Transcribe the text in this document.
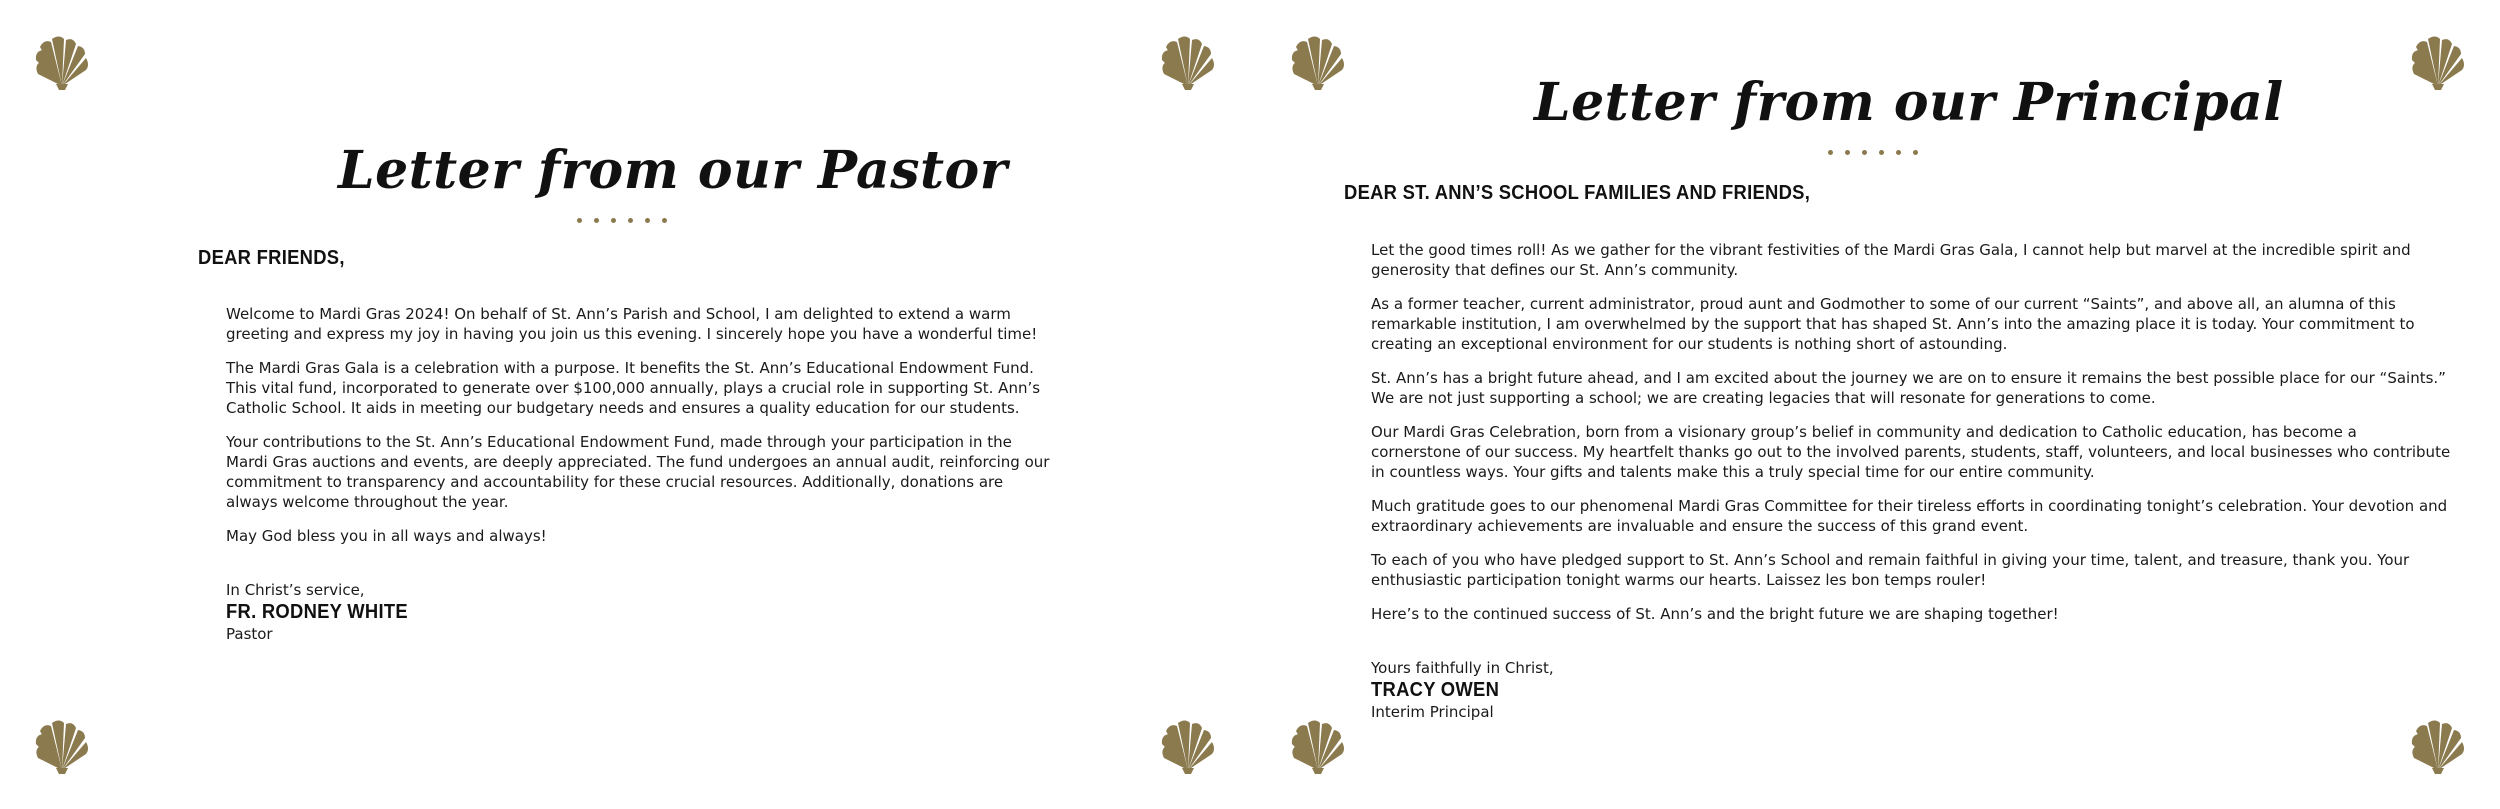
Letter from our Pastor
DEAR FRIENDS,

Welcome to Mardi Gras 2024! On behalf of St. Ann’s Parish and School, I am delighted to extend a warm greeting and express my joy in having you join us this evening. I sincerely hope you have a wonderful time!

The Mardi Gras Gala is a celebration with a purpose. It benefits the St. Ann’s Educational Endowment Fund. This vital fund, incorporated to generate over $100,000 annually, plays a crucial role in supporting St. Ann’s Catholic School. It aids in meeting our budgetary needs and ensures a quality education for our students.

Your contributions to the St. Ann’s Educational Endowment Fund, made through your participation in the Mardi Gras auctions and events, are deeply appreciated. The fund undergoes an annual audit, reinforcing our commitment to transparency and accountability for these crucial resources. Additionally, donations are always welcome throughout the year.

May God bless you in all ways and always!

In Christ’s service,
FR. RODNEY WHITE
Pastor
Letter from our Principal
DEAR ST. ANN’S SCHOOL FAMILIES AND FRIENDS,

Let the good times roll! As we gather for the vibrant festivities of the Mardi Gras Gala, I cannot help but marvel at the incredible spirit and generosity that defines our St. Ann’s community.

As a former teacher, current administrator, proud aunt and Godmother to some of our current “Saints”, and above all, an alumna of this remarkable institution, I am overwhelmed by the support that has shaped St. Ann’s into the amazing place it is today. Your commitment to creating an exceptional environment for our students is nothing short of astounding.

St. Ann’s has a bright future ahead, and I am excited about the journey we are on to ensure it remains the best possible place for our “Saints.” We are not just supporting a school; we are creating legacies that will resonate for generations to come.

Our Mardi Gras Celebration, born from a visionary group’s belief in community and dedication to Catholic education, has become a cornerstone of our success. My heartfelt thanks go out to the involved parents, students, staff, volunteers, and local businesses who contribute in countless ways. Your gifts and talents make this a truly special time for our entire community.

Much gratitude goes to our phenomenal Mardi Gras Committee for their tireless efforts in coordinating tonight’s celebration. Your devotion and extraordinary achievements are invaluable and ensure the success of this grand event.

To each of you who have pledged support to St. Ann’s School and remain faithful in giving your time, talent, and treasure, thank you. Your enthusiastic participation tonight warms our hearts. Laissez les bon temps rouler!

Here’s to the continued success of St. Ann’s and the bright future we are shaping together!

Yours faithfully in Christ,
TRACY OWEN
Interim Principal
